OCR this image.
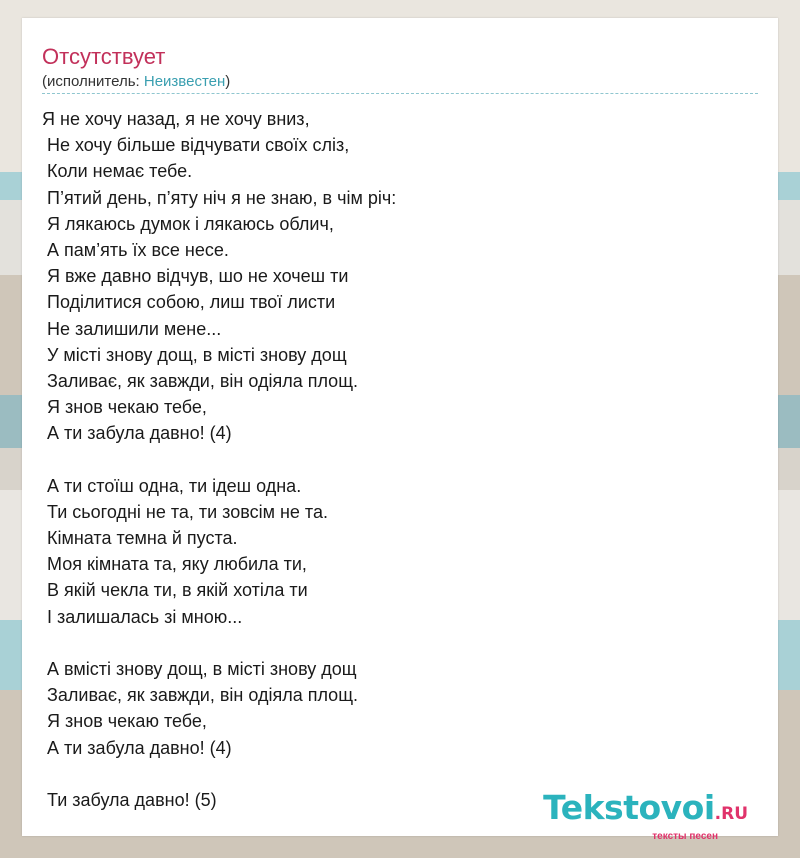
Отсутствует
(исполнитель: Неизвестен)
Я не хочу назад, я не хочу вниз,
Не хочу більше відчувати своїх сліз,
Коли немає тебе.
П’ятий день, п’яту ніч я не знаю, в чім річ:
Я лякаюсь думок і лякаюсь облич,
А пам’ять їх все несе.
Я вже давно відчув, шо не хочеш ти
Поділитися собою, лиш твої листи
Не залишили мене...
У місті знову дощ, в місті знову дощ
Заливає, як завжди, він одіяла площ.
Я знов чекаю тебе,
А ти забула давно! (4)
А ти стоїш одна, ти ідеш одна.
Ти сьогодні не та, ти зовсім не та.
Кімната темна й пуста.
Моя кімната та, яку любила ти,
В якій чекла ти, в якій хотіла ти
І залишалась зі мною...
А вмісті знову дощ, в місті знову дощ
Заливає, як завжди, він одіяла площ.
Я знов чекаю тебе,
А ти забула давно! (4)
Ти забула давно! (5)	Tekstovoi.RU
тексты песен
